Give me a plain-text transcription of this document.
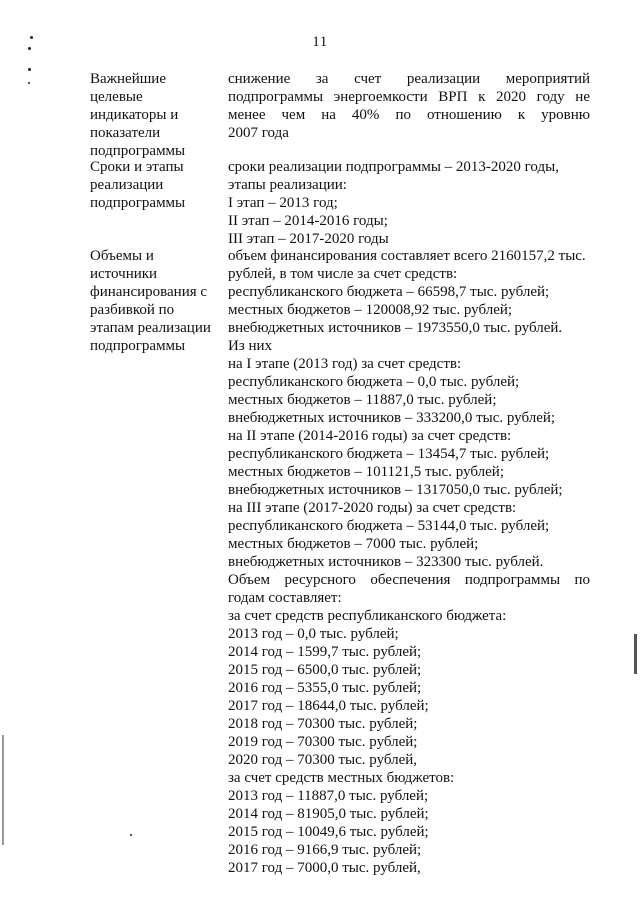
11
Важнейшие
целевые
индикаторы и
показатели
подпрограммы
снижение за счет реализации мероприятий
подпрограммы энергоемкости ВРП к 2020 году не
менее чем на 40% по отношению к уровню
2007 года
Сроки и этапы
реализации
подпрограммы
сроки реализации подпрограммы – 2013-2020 годы,
этапы реализации:
I этап – 2013 год;
II этап – 2014-2016 годы;
III этап – 2017-2020 годы
Объемы и
источники
финансирования с
разбивкой по
этапам реализации
подпрограммы
объем финансирования составляет всего 2160157,2 тыс.
рублей, в том числе за счет средств:
республиканского бюджета – 66598,7 тыс. рублей;
местных бюджетов – 120008,92 тыс. рублей;
внебюджетных источников – 1973550,0 тыс. рублей.
Из них
на I этапе (2013 год) за счет средств:
республиканского бюджета – 0,0 тыс. рублей;
местных бюджетов – 11887,0 тыс. рублей;
внебюджетных источников – 333200,0 тыс. рублей;
на II этапе (2014-2016 годы) за счет средств:
республиканского бюджета – 13454,7 тыс. рублей;
местных бюджетов – 101121,5 тыс. рублей;
внебюджетных источников – 1317050,0 тыс. рублей;
на III этапе (2017-2020 годы) за счет средств:
республиканского бюджета – 53144,0 тыс. рублей;
местных бюджетов – 7000 тыс. рублей;
внебюджетных источников – 323300 тыс. рублей.
Объем ресурсного обеспечения подпрограммы по
годам составляет:
за счет средств республиканского бюджета:
2013 год – 0,0 тыс. рублей;
2014 год – 1599,7 тыс. рублей;
2015 год – 6500,0 тыс. рублей;
2016 год – 5355,0 тыс. рублей;
2017 год – 18644,0 тыс. рублей;
2018 год – 70300 тыс. рублей;
2019 год – 70300 тыс. рублей;
2020 год – 70300 тыс. рублей,
за счет средств местных бюджетов:
2013 год – 11887,0 тыс. рублей;
2014 год – 81905,0 тыс. рублей;
2015 год – 10049,6 тыс. рублей;
2016 год – 9166,9 тыс. рублей;
2017 год – 7000,0 тыс. рублей,
